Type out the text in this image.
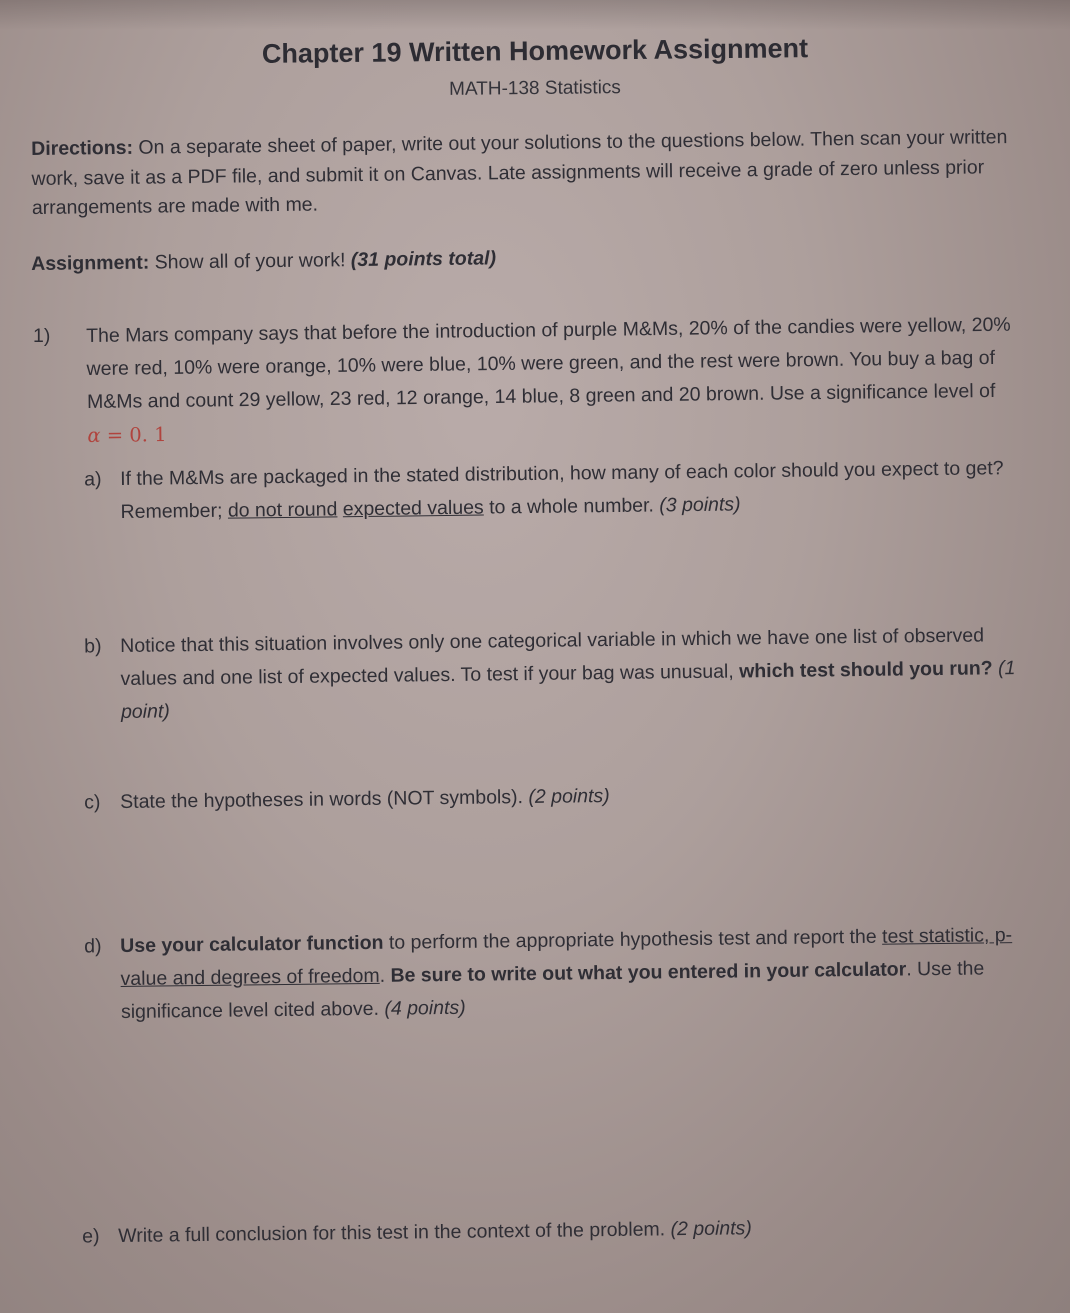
Chapter 19 Written Homework Assignment
MATH-138 Statistics
Directions: On a separate sheet of paper, write out your solutions to the questions below. Then scan your written work, save it as a PDF file, and submit it on Canvas. Late assignments will receive a grade of zero unless prior arrangements are made with me.
Assignment: Show all of your work! (31 points total)
1) The Mars company says that before the introduction of purple M&Ms, 20% of the candies were yellow, 20% were red, 10% were orange, 10% were blue, 10% were green, and the rest were brown. You buy a bag of M&Ms and count 29 yellow, 23 red, 12 orange, 14 blue, 8 green and 20 brown. Use a significance level of α = 0. 1
a) If the M&Ms are packaged in the stated distribution, how many of each color should you expect to get? Remember; do not round expected values to a whole number. (3 points)
b) Notice that this situation involves only one categorical variable in which we have one list of observed values and one list of expected values. To test if your bag was unusual, which test should you run? (1 point)
c) State the hypotheses in words (NOT symbols). (2 points)
d) Use your calculator function to perform the appropriate hypothesis test and report the test statistic, p-value and degrees of freedom. Be sure to write out what you entered in your calculator. Use the significance level cited above. (4 points)
e) Write a full conclusion for this test in the context of the problem. (2 points)
